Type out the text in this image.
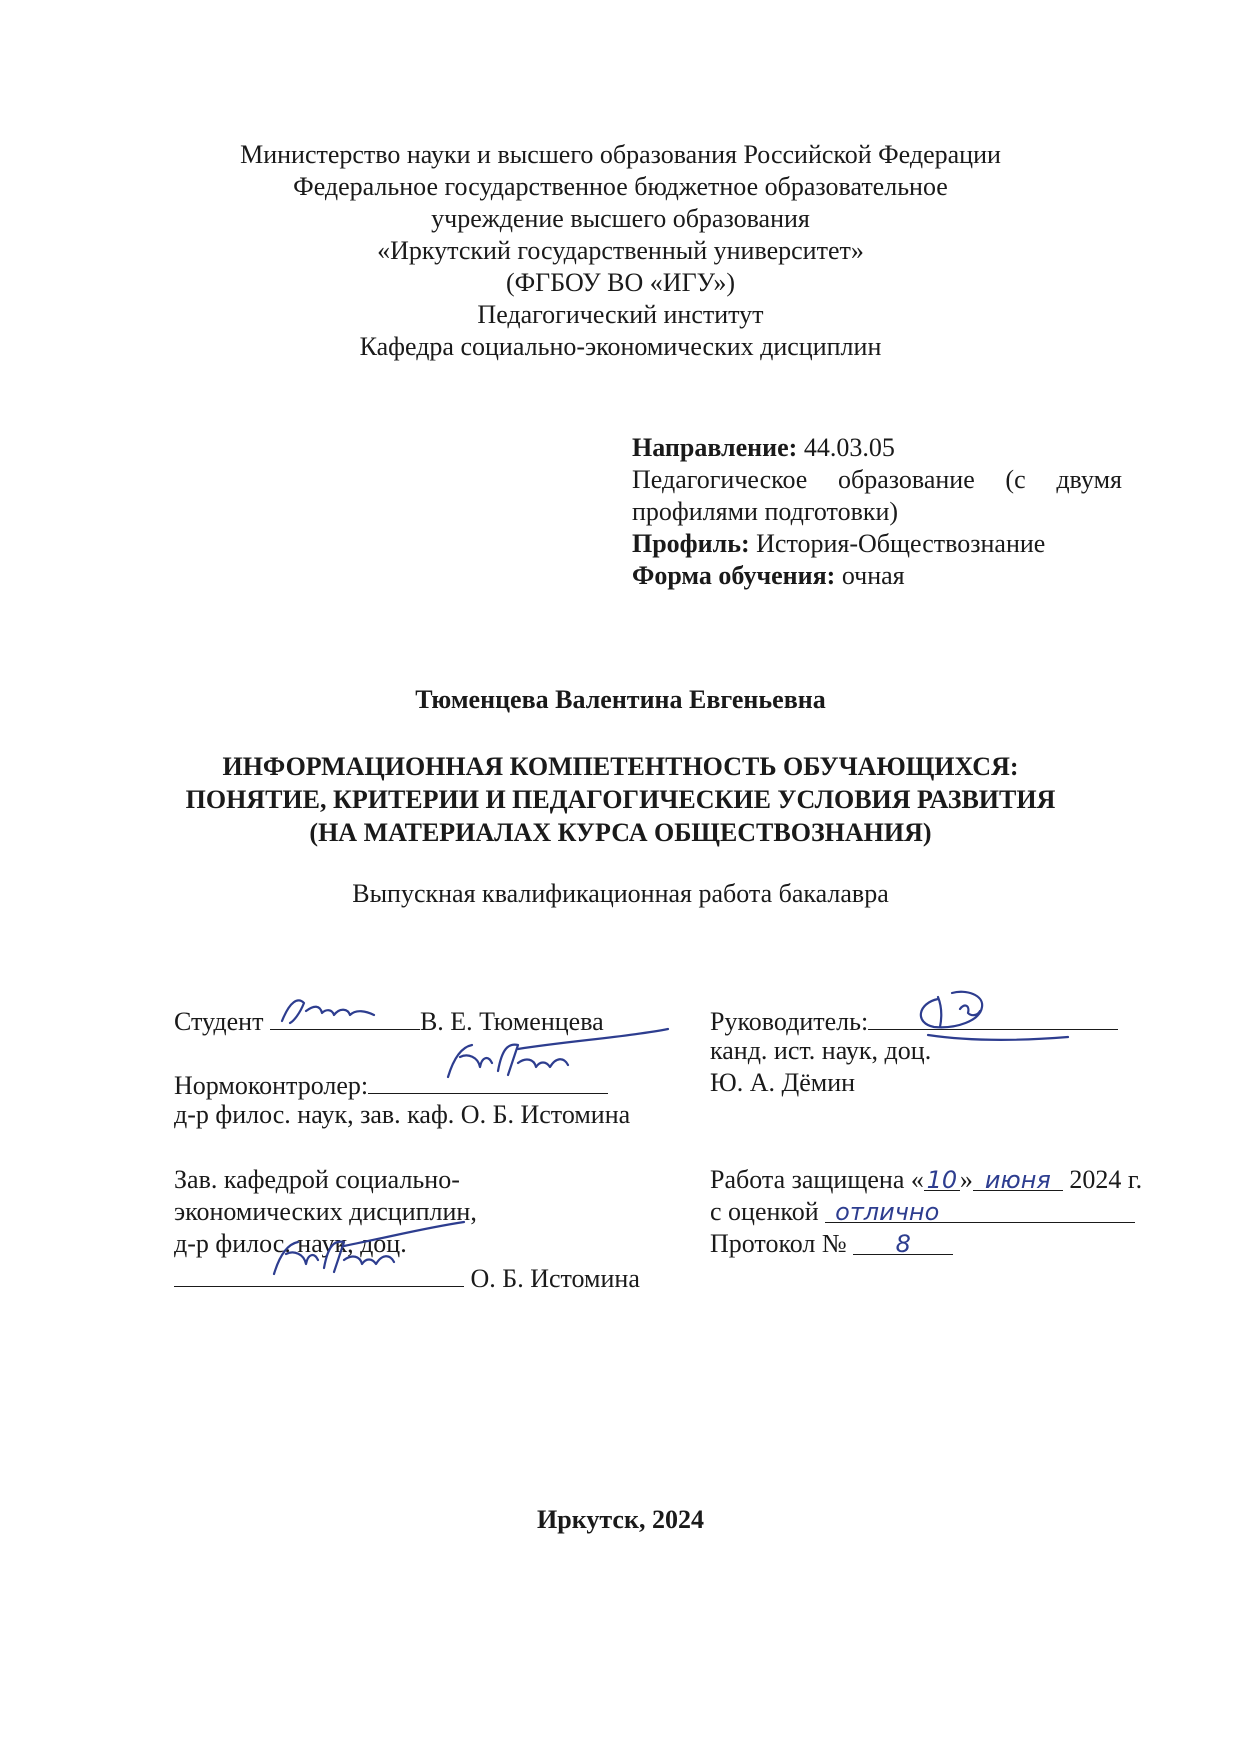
Министерство науки и высшего образования Российской Федерации
Федеральное государственное бюджетное образовательное
учреждение высшего образования
«Иркутский государственный университет»
(ФГБОУ ВО «ИГУ»)
Педагогический институт
Кафедра социально-экономических дисциплин
Направление: 44.03.05
Педагогическое образование (с двумя
профилями подготовки)
Профиль: История-Обществознание
Форма обучения: очная
Тюменцева Валентина Евгеньевна
ИНФОРМАЦИОННАЯ КОМПЕТЕНТНОСТЬ ОБУЧАЮЩИХСЯ:
ПОНЯТИЕ, КРИТЕРИИ И ПЕДАГОГИЧЕСКИЕ УСЛОВИЯ РАЗВИТИЯ
(НА МАТЕРИАЛАХ КУРСА ОБЩЕСТВОЗНАНИЯ)
Выпускная квалификационная работа бакалавра
Студент	В. Е. Тюменцева
Нормоконтролер:
д-р филос. наук, зав. каф. О. Б. Истомина
Руководитель:
канд. ист. наук, доц.
Ю. А. Дёмин
Зав. кафедрой социально-
экономических дисциплин,
д-р филос. наук, доц.
О. Б. Истомина
Работа защищена « 10 » июня 2024 г.
с оценкой отлично
Протокол № 8
Иркутск, 2024
